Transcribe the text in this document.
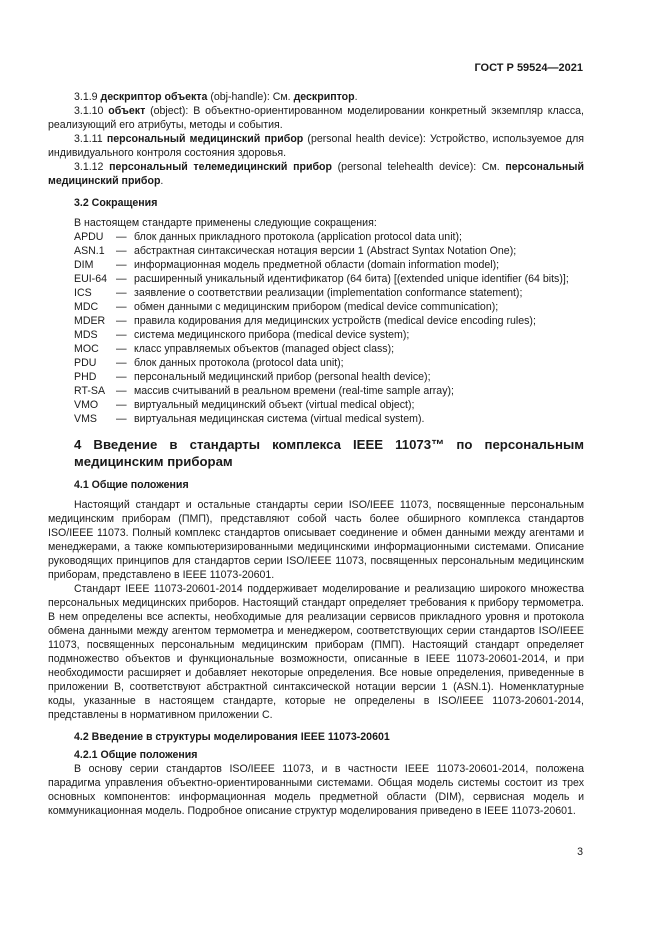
ГОСТ Р 59524—2021

3.1.9 дескриптор объекта (obj-handle): См. дескриптор.

3.1.10 объект (object): В объектно-ориентированном моделировании конкретный экземпляр класса, реализующий его атрибуты, методы и события.

3.1.11 персональный медицинский прибор (personal health device): Устройство, используемое для индивидуального контроля состояния здоровья.

3.1.12 персональный телемедицинский прибор (personal telehealth device): См. персональный медицинский прибор.

3.2 Сокращения

В настоящем стандарте применены следующие сокращения:

APDU	— блок данных прикладного протокола (application protocol data unit);
ASN.1	— абстрактная синтаксическая нотация версии 1 (Abstract Syntax Notation One);
DIM	— информационная модель предметной области (domain information model);
EUI-64 — расширенный уникальный идентификатор (64 бита) [(extended unique identifier (64 bits)];
ICS	— заявление о соответствии реализации (implementation conformance statement);
MDC	— обмен данными с медицинским прибором (medical device communication);
MDER	— правила кодирования для медицинских устройств (medical device encoding rules);
MDS	— система медицинского прибора (medical device system);
MOC	— класс управляемых объектов (managed object class);
PDU	— блок данных протокола (protocol data unit);
PHD	— персональный медицинский прибор (personal health device);
RT-SA	— массив считываний в реальном времени (real-time sample array);
VMO	— виртуальный медицинский объект (virtual medical object);
VMS	— виртуальная медицинская система (virtual medical system).

4 Введение в стандарты комплекса IEEE 11073™ по персональным медицинским приборам

4.1 Общие положения

Настоящий стандарт и остальные стандарты серии ISO/IEEE 11073, посвященные персональным медицинским приборам (ПМП), представляют собой часть более обширного комплекса стандартов ISO/IEEE 11073. Полный комплекс стандартов описывает соединение и обмен данными между агентами и менеджерами, а также компьютеризированными медицинскими информационными системами. Описание руководящих принципов для стандартов серии ISO/IEEE 11073, посвященных персональным медицинским приборам, представлено в IEEE 11073-20601.

Стандарт IEEE 11073-20601-2014 поддерживает моделирование и реализацию широкого множества персональных медицинских приборов. Настоящий стандарт определяет требования к прибору термометра. В нем определены все аспекты, необходимые для реализации сервисов прикладного уровня и протокола обмена данными между агентом термометра и менеджером, соответствующих серии стандартов ISO/IEEE 11073, посвященных персональным медицинским приборам (ПМП). Настоящий стандарт определяет подмножество объектов и функциональные возможности, описанные в IEEE 11073-20601-2014, и при необходимости расширяет и добавляет некоторые определения. Все новые определения, приведенные в приложении B, соответствуют абстрактной синтаксической нотации версии 1 (ASN.1). Номенклатурные коды, указанные в настоящем стандарте, которые не определены в ISO/IEEE 11073-20601-2014, представлены в нормативном приложении C.

4.2 Введение в структуры моделирования IEEE 11073-20601

4.2.1 Общие положения

В основу серии стандартов ISO/IEEE 11073, и в частности IEEE 11073-20601-2014, положена парадигма управления объектно-ориентированными системами. Общая модель системы состоит из трех основных компонентов: информационная модель предметной области (DIM), сервисная модель и коммуникационная модель. Подробное описание структур моделирования приведено в IEEE 11073-20601.

3
